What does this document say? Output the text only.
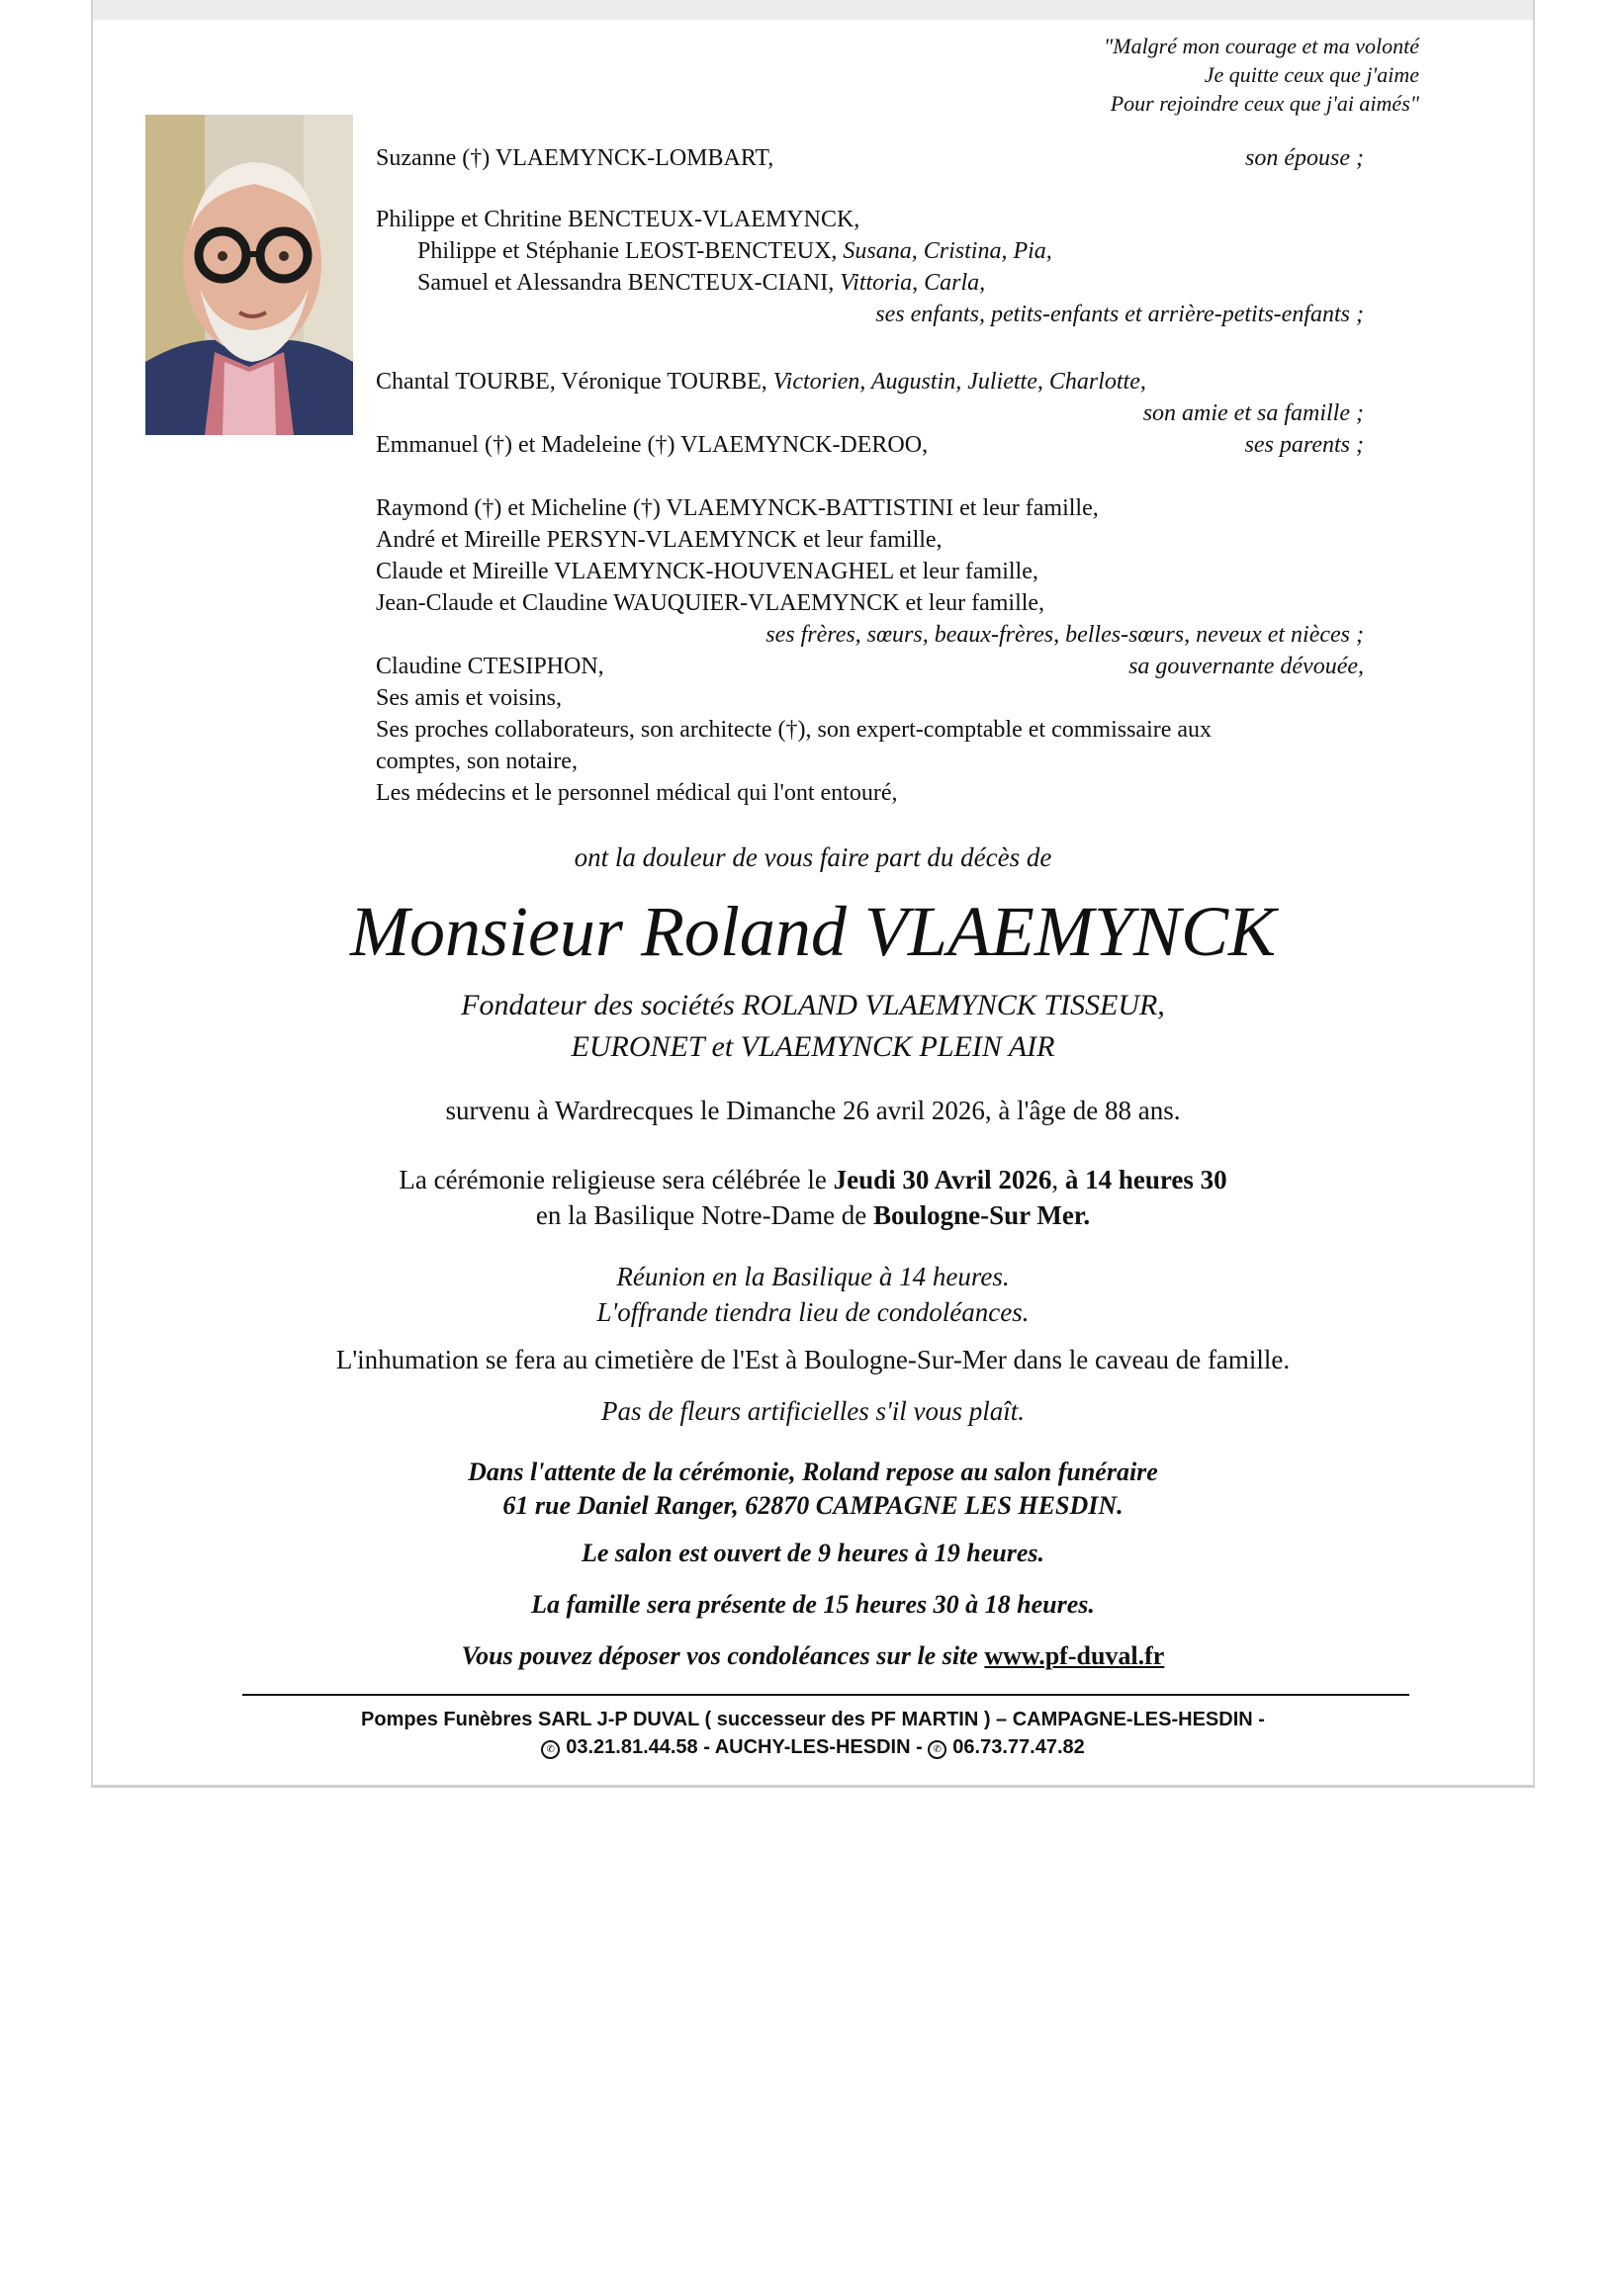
"Malgré mon courage et ma volonté
Je quitte ceux que j'aime
Pour rejoindre ceux que j'ai aimés"
Suzanne (†) VLAEMYNCK-LOMBART,	son épouse ;
Philippe et Chritine BENCTEUX-VLAEMYNCK,
Philippe et Stéphanie LEOST-BENCTEUX, Susana, Cristina, Pia,
Samuel et Alessandra BENCTEUX-CIANI, Vittoria, Carla,
ses enfants, petits-enfants et arrière-petits-enfants ;
Chantal TOURBE, Véronique TOURBE, Victorien, Augustin, Juliette, Charlotte,
son amie et sa famille ;
Emmanuel (†) et Madeleine (†) VLAEMYNCK-DEROO,	ses parents ;
Raymond (†) et Micheline (†) VLAEMYNCK-BATTISTINI et leur famille,
André et Mireille PERSYN-VLAEMYNCK et leur famille,
Claude et Mireille VLAEMYNCK-HOUVENAGHEL et leur famille,
Jean-Claude et Claudine WAUQUIER-VLAEMYNCK et leur famille,
ses frères, sœurs, beaux-frères, belles-sœurs, neveux et nièces ;
Claudine CTESIPHON,	sa gouvernante dévouée,
Ses amis et voisins,
Ses proches collaborateurs, son architecte (†), son expert-comptable et commissaire aux
comptes, son notaire,
Les médecins et le personnel médical qui l'ont entouré,
ont la douleur de vous faire part du décès de
Monsieur Roland VLAEMYNCK
Fondateur des sociétés ROLAND VLAEMYNCK TISSEUR,
EURONET et VLAEMYNCK PLEIN AIR
survenu à Wardrecques le Dimanche 26 avril 2026, à l'âge de 88 ans.
La cérémonie religieuse sera célébrée le Jeudi 30 Avril 2026, à 14 heures 30
en la Basilique Notre-Dame de Boulogne-Sur Mer.
Réunion en la Basilique à 14 heures.
L'offrande tiendra lieu de condoléances.
L'inhumation se fera au cimetière de l'Est à Boulogne-Sur-Mer dans le caveau de famille.
Pas de fleurs artificielles s'il vous plaît.
Dans l'attente de la cérémonie, Roland repose au salon funéraire
61 rue Daniel Ranger, 62870 CAMPAGNE LES HESDIN.
Le salon est ouvert de 9 heures à 19 heures.
La famille sera présente de 15 heures 30 à 18 heures.
Vous pouvez déposer vos condoléances sur le site www.pf-duval.fr
Pompes Funèbres SARL J-P DUVAL ( successeur des PF MARTIN ) – CAMPAGNE-LES-HESDIN -
✆ 03.21.81.44.58 - AUCHY-LES-HESDIN - ✆ 06.73.77.47.82
